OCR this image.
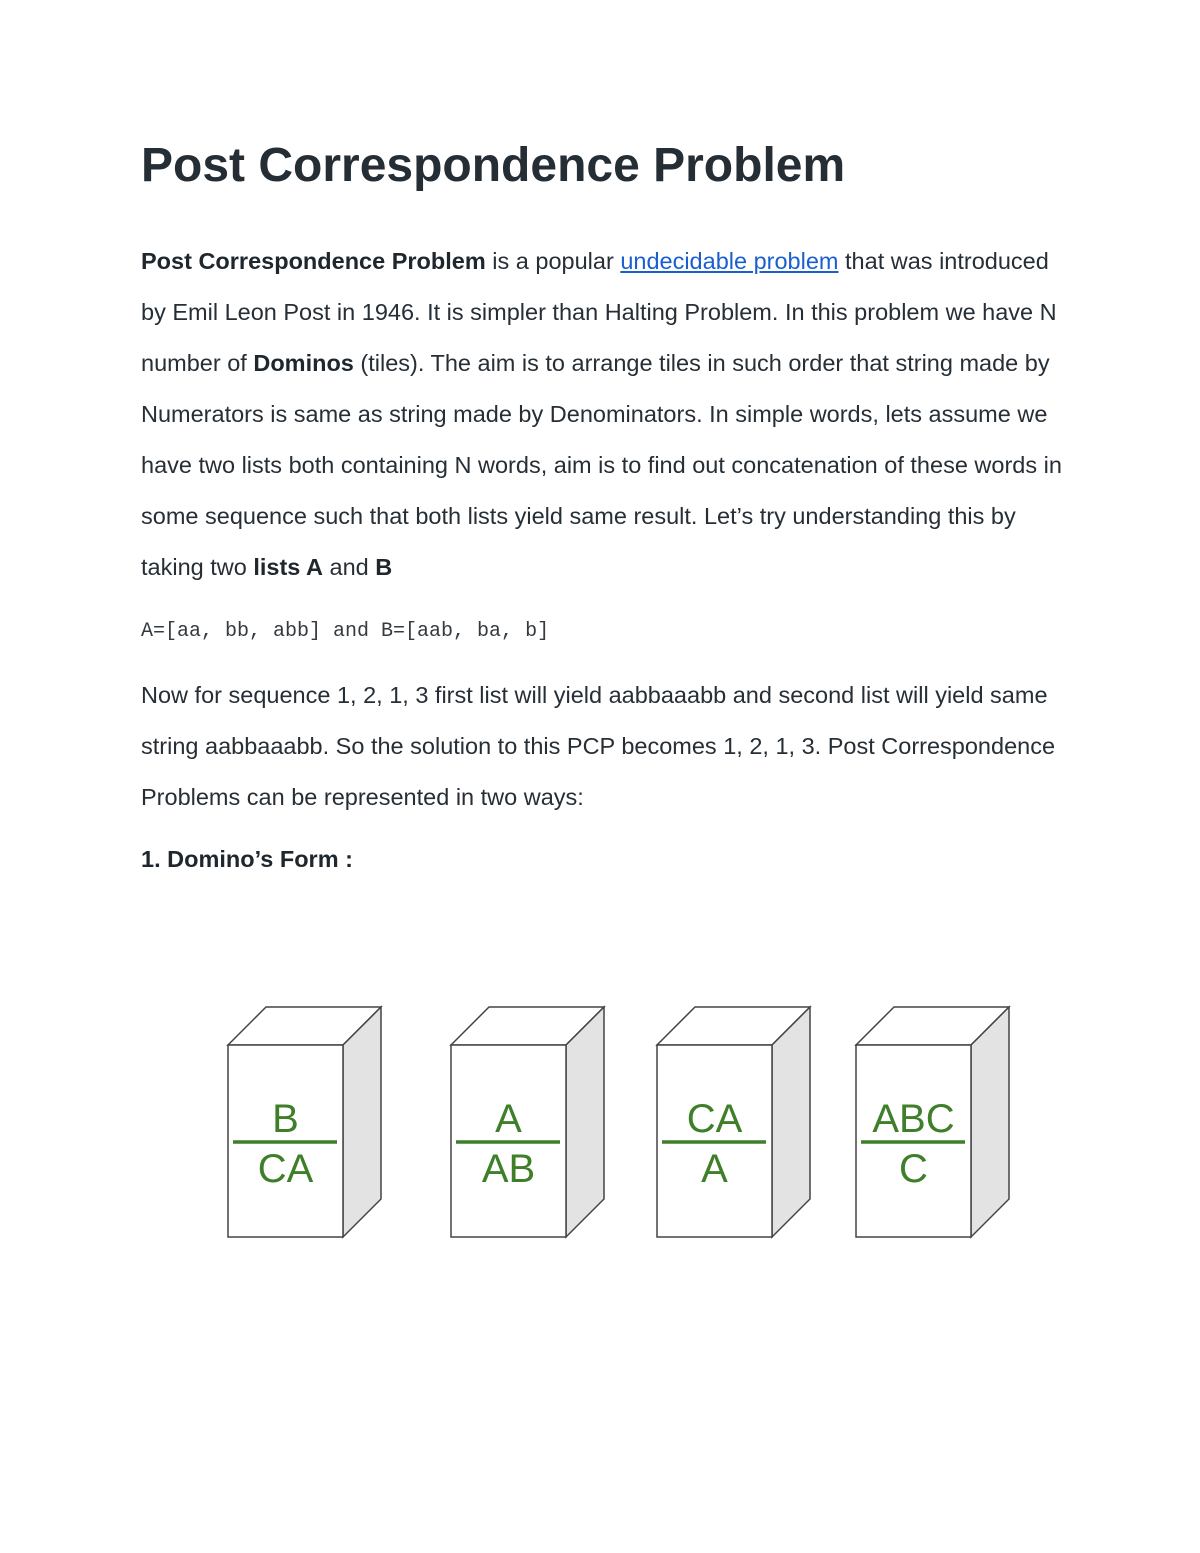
Post Correspondence Problem

Post Correspondence Problem is a popular undecidable problem that was introduced by Emil Leon Post in 1946. It is simpler than Halting Problem. In this problem we have N number of Dominos (tiles). The aim is to arrange tiles in such order that string made by Numerators is same as string made by Denominators. In simple words, lets assume we have two lists both containing N words, aim is to find out concatenation of these words in some sequence such that both lists yield same result. Let’s try understanding this by taking two lists A and B

A=[aa, bb, abb] and B=[aab, ba, b]

Now for sequence 1, 2, 1, 3 first list will yield aabbaaabb and second list will yield same string aabbaaabb. So the solution to this PCP becomes 1, 2, 1, 3. Post Correspondence Problems can be represented in two ways:

1. Domino’s Form :
B
CA
A
AB
CA
A
ABC
C
